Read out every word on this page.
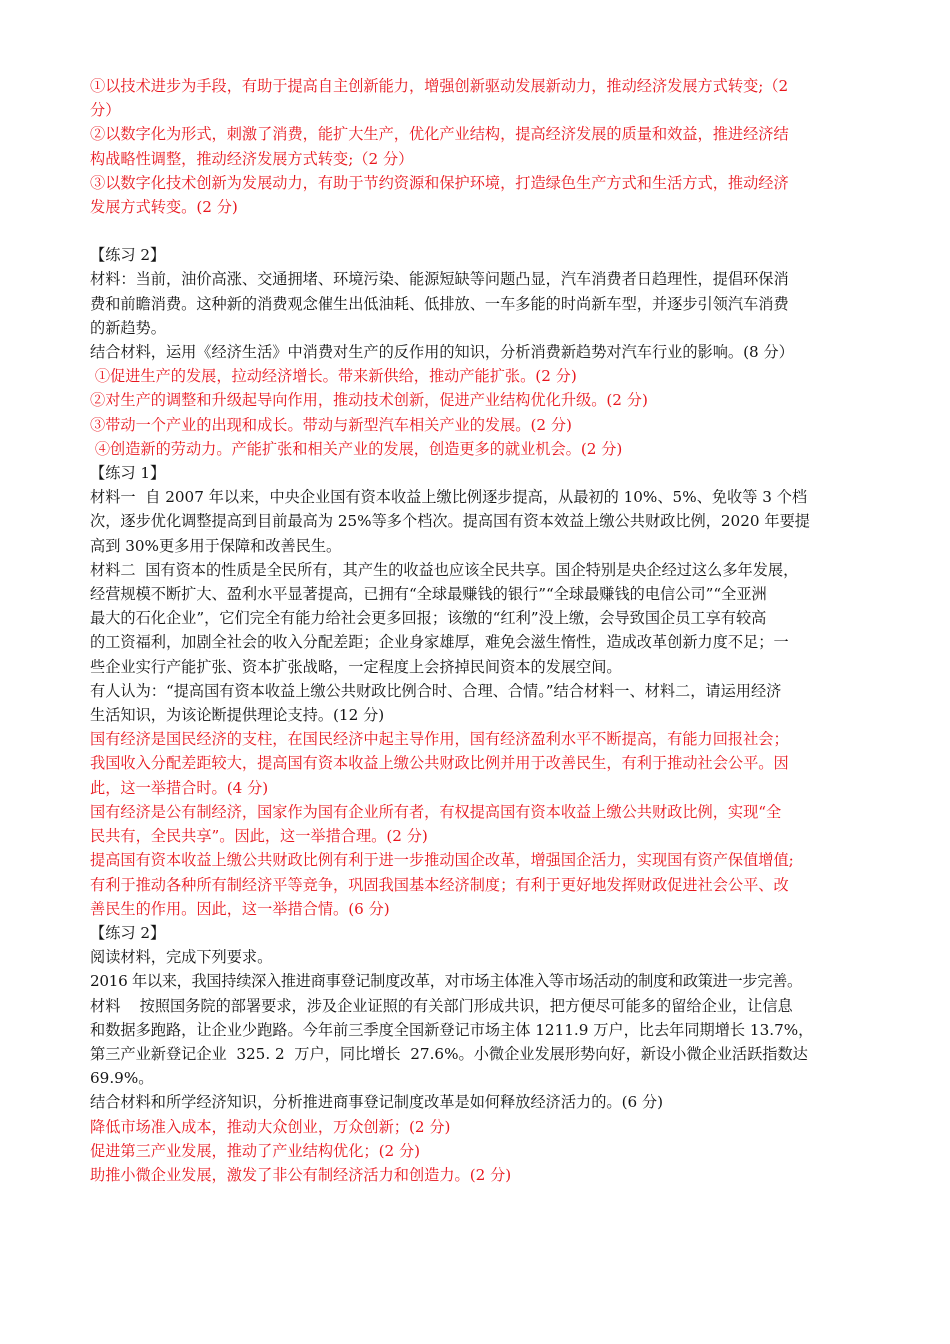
①以技术进步为手段，有助于提高自主创新能力，增强创新驱动发展新动力，推动经济发展方式转变;（2
分）
②以数字化为形式，刺激了消费，能扩大生产，优化产业结构，提高经济发展的质量和效益，推进经济结
构战略性调整，推动经济发展方式转变;（2 分）
③以数字化技术创新为发展动力，有助于节约资源和保护环境，打造绿色生产方式和生活方式，推动经济
发展方式转变。(2 分)
【练习 2】
材料：当前，油价高涨、交通拥堵、环境污染、能源短缺等问题凸显，汽车消费者日趋理性，提倡环保消
费和前瞻消费。这种新的消费观念催生出低油耗、低排放、一车多能的时尚新车型，并逐步引领汽车消费
的新趋势。
结合材料，运用《经济生活》中消费对生产的反作用的知识，分析消费新趋势对汽车行业的影响。(8 分）
①促进生产的发展，拉动经济增长。带来新供给，推动产能扩张。(2 分)
②对生产的调整和升级起导向作用，推动技术创新，促进产业结构优化升级。(2 分)
③带动一个产业的出现和成长。带动与新型汽车相关产业的发展。(2 分)
④创造新的劳动力。产能扩张和相关产业的发展，创造更多的就业机会。(2 分)
【练习 1】
材料一  自 2007 年以来，中央企业国有资本收益上缴比例逐步提高，从最初的 10%、5%、免收等 3 个档
次，逐步优化调整提高到目前最高为 25%等多个档次。提高国有资本效益上缴公共财政比例，2020 年要提
高到 30%更多用于保障和改善民生。
材料二  国有资本的性质是全民所有，其产生的收益也应该全民共享。国企特别是央企经过这么多年发展，
经营规模不断扩大、盈利水平显著提高，已拥有“全球最赚钱的银行”“全球最赚钱的电信公司”“全亚洲
最大的石化企业”，它们完全有能力给社会更多回报；该缴的“红利”没上缴，会导致国企员工享有较高
的工资福利，加剧全社会的收入分配差距；企业身家雄厚，难免会滋生惰性，造成改革创新力度不足；一
些企业实行产能扩张、资本扩张战略，一定程度上会挤掉民间资本的发展空间。
有人认为：“提高国有资本收益上缴公共财政比例合时、合理、合情。”结合材料一、材料二，请运用经济
生活知识，为该论断提供理论支持。(12 分)
国有经济是国民经济的支柱，在国民经济中起主导作用，国有经济盈利水平不断提高，有能力回报社会；
我国收入分配差距较大，提高国有资本收益上缴公共财政比例并用于改善民生，有利于推动社会公平。因
此，这一举措合时。(4 分)
国有经济是公有制经济，国家作为国有企业所有者，有权提高国有资本收益上缴公共财政比例，实现“全
民共有，全民共享”。因此，这一举措合理。(2 分)
提高国有资本收益上缴公共财政比例有利于进一步推动国企改革，增强国企活力，实现国有资产保值增值;
有利于推动各种所有制经济平等竞争，巩固我国基本经济制度；有利于更好地发挥财政促进社会公平、改
善民生的作用。因此，这一举措合情。(6 分)
【练习 2】
阅读材料，完成下列要求。
2016 年以来，我国持续深入推进商事登记制度改革，对市场主体准入等市场活动的制度和政策进一步完善。
材料    按照国务院的部署要求，涉及企业证照的有关部门形成共识，把方便尽可能多的留给企业，让信息
和数据多跑路，让企业少跑路。今年前三季度全国新登记市场主体 1211.9 万户，比去年同期增长 13.7%，
第三产业新登记企业  325. 2  万户，同比增长  27.6%。小微企业发展形势向好，新设小微企业活跃指数达
69.9%。
结合材料和所学经济知识，分析推进商事登记制度改革是如何释放经济活力的。(6 分)
降低市场准入成本，推动大众创业，万众创新；(2 分)
促进第三产业发展，推动了产业结构优化；(2 分)
助推小微企业发展，激发了非公有制经济活力和创造力。(2 分)
